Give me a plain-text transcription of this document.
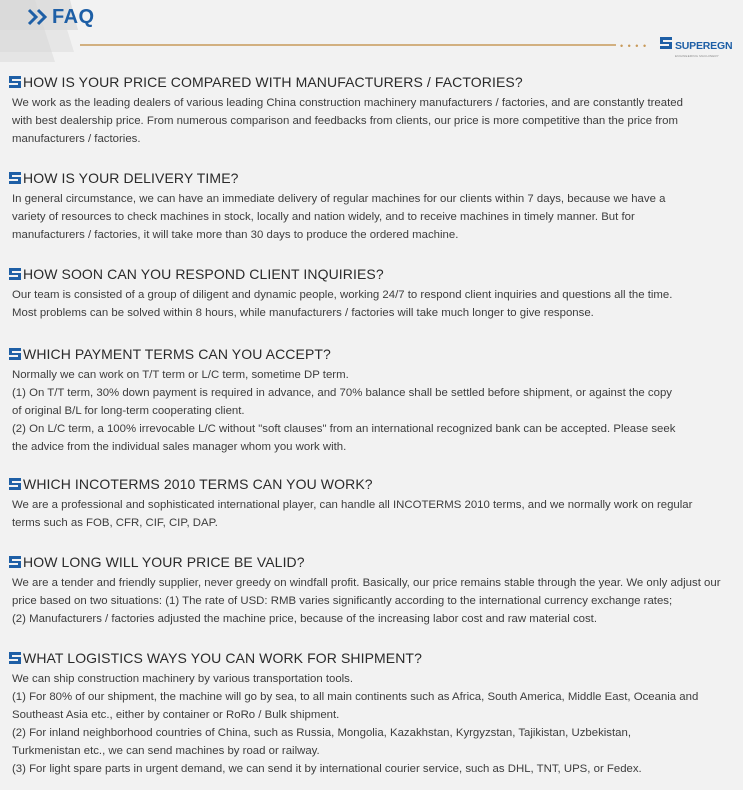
FAQ
• • • •	SUPEREGN
ENGINEERING MACHINERY
HOW IS YOUR PRICE COMPARED WITH MANUFACTURERS / FACTORIES?

We work as the leading dealers of various leading China construction machinery manufacturers / factories, and are constantly treated

with best dealership price. From numerous comparison and feedbacks from clients, our price is more competitive than the price from

manufacturers / factories.

HOW IS YOUR DELIVERY TIME?

In general circumstance, we can have an immediate delivery of regular machines for our clients within 7 days, because we have a

variety of resources to check machines in stock, locally and nation widely, and to receive machines in timely manner. But for

manufacturers / factories, it will take more than 30 days to produce the ordered machine.

HOW SOON CAN YOU RESPOND CLIENT INQUIRIES?

Our team is consisted of a group of diligent and dynamic people, working 24/7 to respond client inquiries and questions all the time.

Most problems can be solved within 8 hours, while manufacturers / factories will take much longer to give response.

WHICH PAYMENT TERMS CAN YOU ACCEPT?

Normally we can work on T/T term or L/C term, sometime DP term.

(1) On T/T term, 30% down payment is required in advance, and 70% balance shall be settled before shipment, or against the copy

of original B/L for long-term cooperating client.

(2) On L/C term, a 100% irrevocable L/C without "soft clauses" from an international recognized bank can be accepted. Please seek

the advice from the individual sales manager whom you work with.

WHICH INCOTERMS 2010 TERMS CAN YOU WORK?

We are a professional and sophisticated international player, can handle all INCOTERMS 2010 terms, and we normally work on regular

terms such as FOB, CFR, CIF, CIP, DAP.

HOW LONG WILL YOUR PRICE BE VALID?

We are a tender and friendly supplier, never greedy on windfall profit. Basically, our price remains stable through the year. We only adjust our

price based on two situations: (1) The rate of USD: RMB varies significantly according to the international currency exchange rates;

(2) Manufacturers / factories adjusted the machine price, because of the increasing labor cost and raw material cost.

WHAT LOGISTICS WAYS YOU CAN WORK FOR SHIPMENT?

We can ship construction machinery by various transportation tools.

(1) For 80% of our shipment, the machine will go by sea, to all main continents such as Africa, South America, Middle East, Oceania and

Southeast Asia etc., either by container or RoRo / Bulk shipment.

(2) For inland neighborhood countries of China, such as Russia, Mongolia, Kazakhstan, Kyrgyzstan, Tajikistan, Uzbekistan,

Turkmenistan etc., we can send machines by road or railway.

(3) For light spare parts in urgent demand, we can send it by international courier service, such as DHL, TNT, UPS, or Fedex.
